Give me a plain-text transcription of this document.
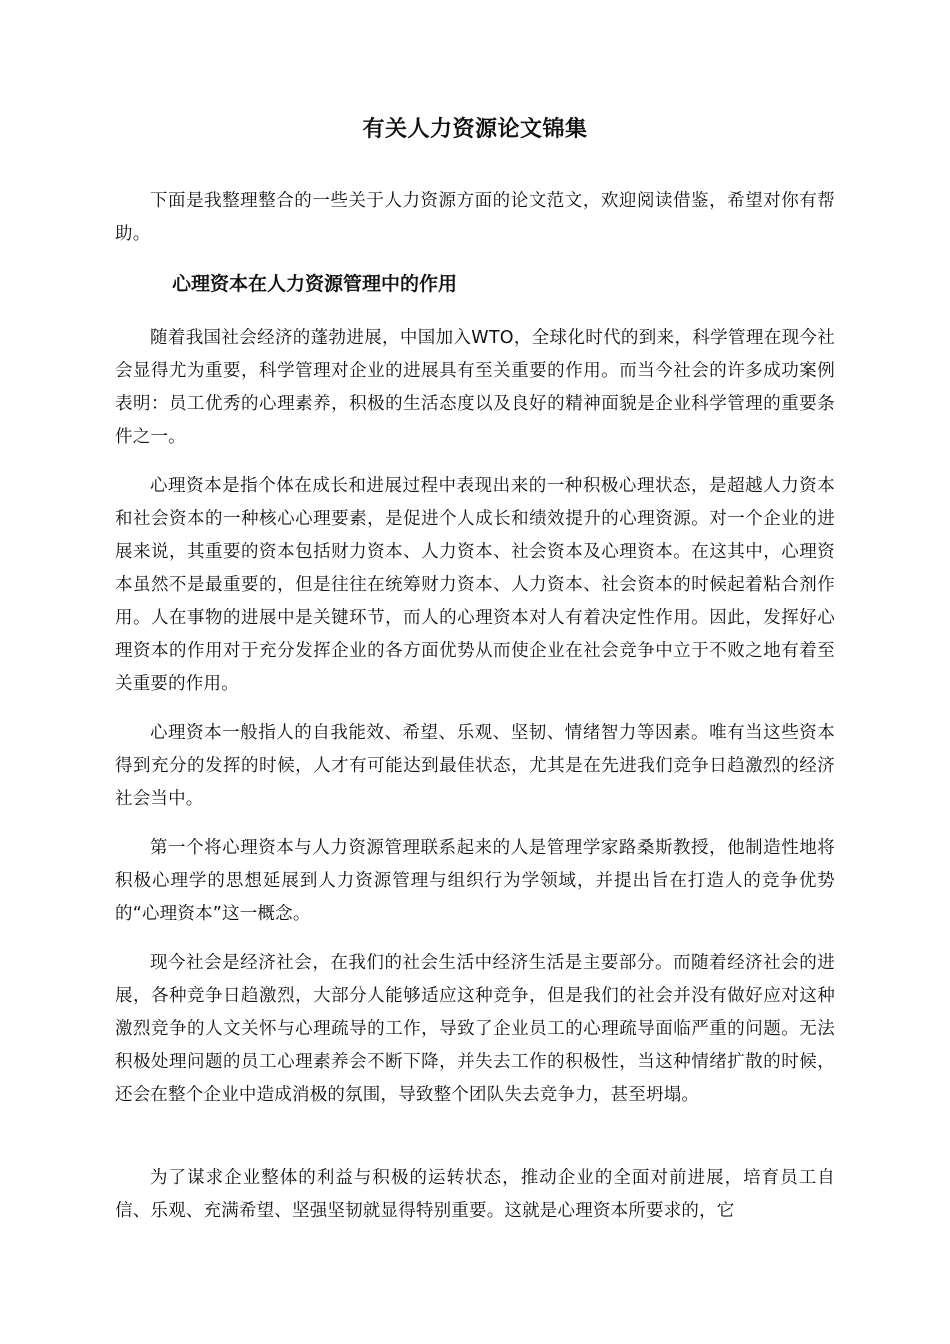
有关人力资源论文锦集

下面是我整理整合的一些关于人力资源方面的论文范文，欢迎阅读借鉴，希望对你有帮助。

心理资本在人力资源管理中的作用

随着我国社会经济的蓬勃进展，中国加入WTO，全球化时代的到来，科学管理在现今社会显得尤为重要，科学管理对企业的进展具有至关重要的作用。而当今社会的许多成功案例表明：员工优秀的心理素养，积极的生活态度以及良好的精神面貌是企业科学管理的重要条件之一。

心理资本是指个体在成长和进展过程中表现出来的一种积极心理状态，是超越人力资本和社会资本的一种核心心理要素，是促进个人成长和绩效提升的心理资源。对一个企业的进展来说，其重要的资本包括财力资本、人力资本、社会资本及心理资本。在这其中，心理资本虽然不是最重要的，但是往往在统筹财力资本、人力资本、社会资本的时候起着粘合剂作用。人在事物的进展中是关键环节，而人的心理资本对人有着决定性作用。因此，发挥好心理资本的作用对于充分发挥企业的各方面优势从而使企业在社会竞争中立于不败之地有着至关重要的作用。

心理资本一般指人的自我能效、希望、乐观、坚韧、情绪智力等因素。唯有当这些资本得到充分的发挥的时候，人才有可能达到最佳状态，尤其是在先进我们竞争日趋激烈的经济社会当中。

第一个将心理资本与人力资源管理联系起来的人是管理学家路桑斯教授，他制造性地将积极心理学的思想延展到人力资源管理与组织行为学领域，并提出旨在打造人的竞争优势的“心理资本”这一概念。

现今社会是经济社会，在我们的社会生活中经济生活是主要部分。而随着经济社会的进展，各种竞争日趋激烈，大部分人能够适应这种竞争，但是我们的社会并没有做好应对这种激烈竞争的人文关怀与心理疏导的工作，导致了企业员工的心理疏导面临严重的问题。无法积极处理问题的员工心理素养会不断下降，并失去工作的积极性，当这种情绪扩散的时候，还会在整个企业中造成消极的氛围，导致整个团队失去竞争力，甚至坍塌。

为了谋求企业整体的利益与积极的运转状态，推动企业的全面对前进展，培育员工自信、乐观、充满希望、坚强坚韧就显得特别重要。这就是心理资本所要求的，它
